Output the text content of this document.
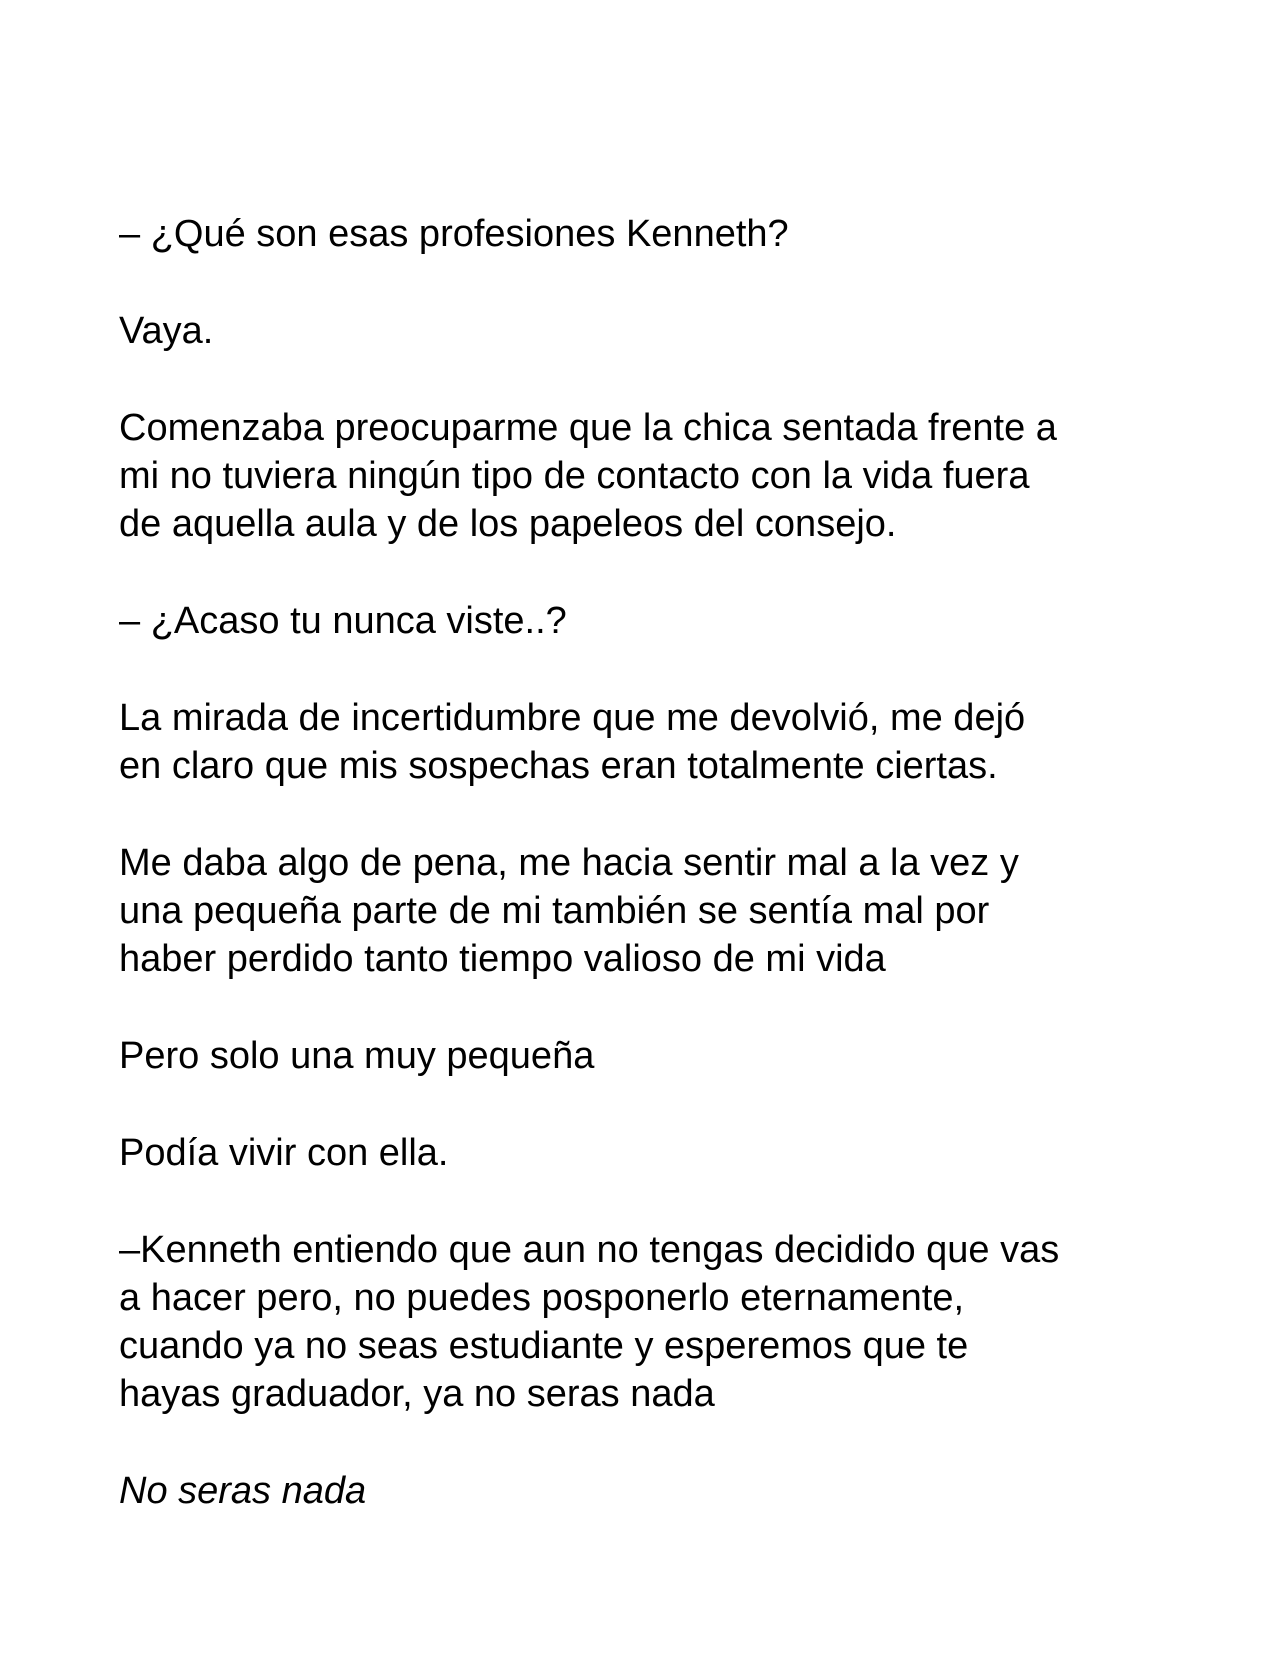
– ¿Qué son esas profesiones Kenneth?

Vaya.

Comenzaba preocuparme que la chica sentada frente a
mi no tuviera ningún tipo de contacto con la vida fuera
de aquella aula y de los papeleos del consejo.

– ¿Acaso tu nunca viste..?

La mirada de incertidumbre que me devolvió, me dejó
en claro que mis sospechas eran totalmente ciertas.

Me daba algo de pena, me hacia sentir mal a la vez y
una pequeña parte de mi también se sentía mal por
haber perdido tanto tiempo valioso de mi vida

Pero solo una muy pequeña

Podía vivir con ella.

–Kenneth entiendo que aun no tengas decidido que vas
a hacer pero, no puedes posponerlo eternamente,
cuando ya no seas estudiante y esperemos que te
hayas graduador, ya no seras nada

No seras nada
